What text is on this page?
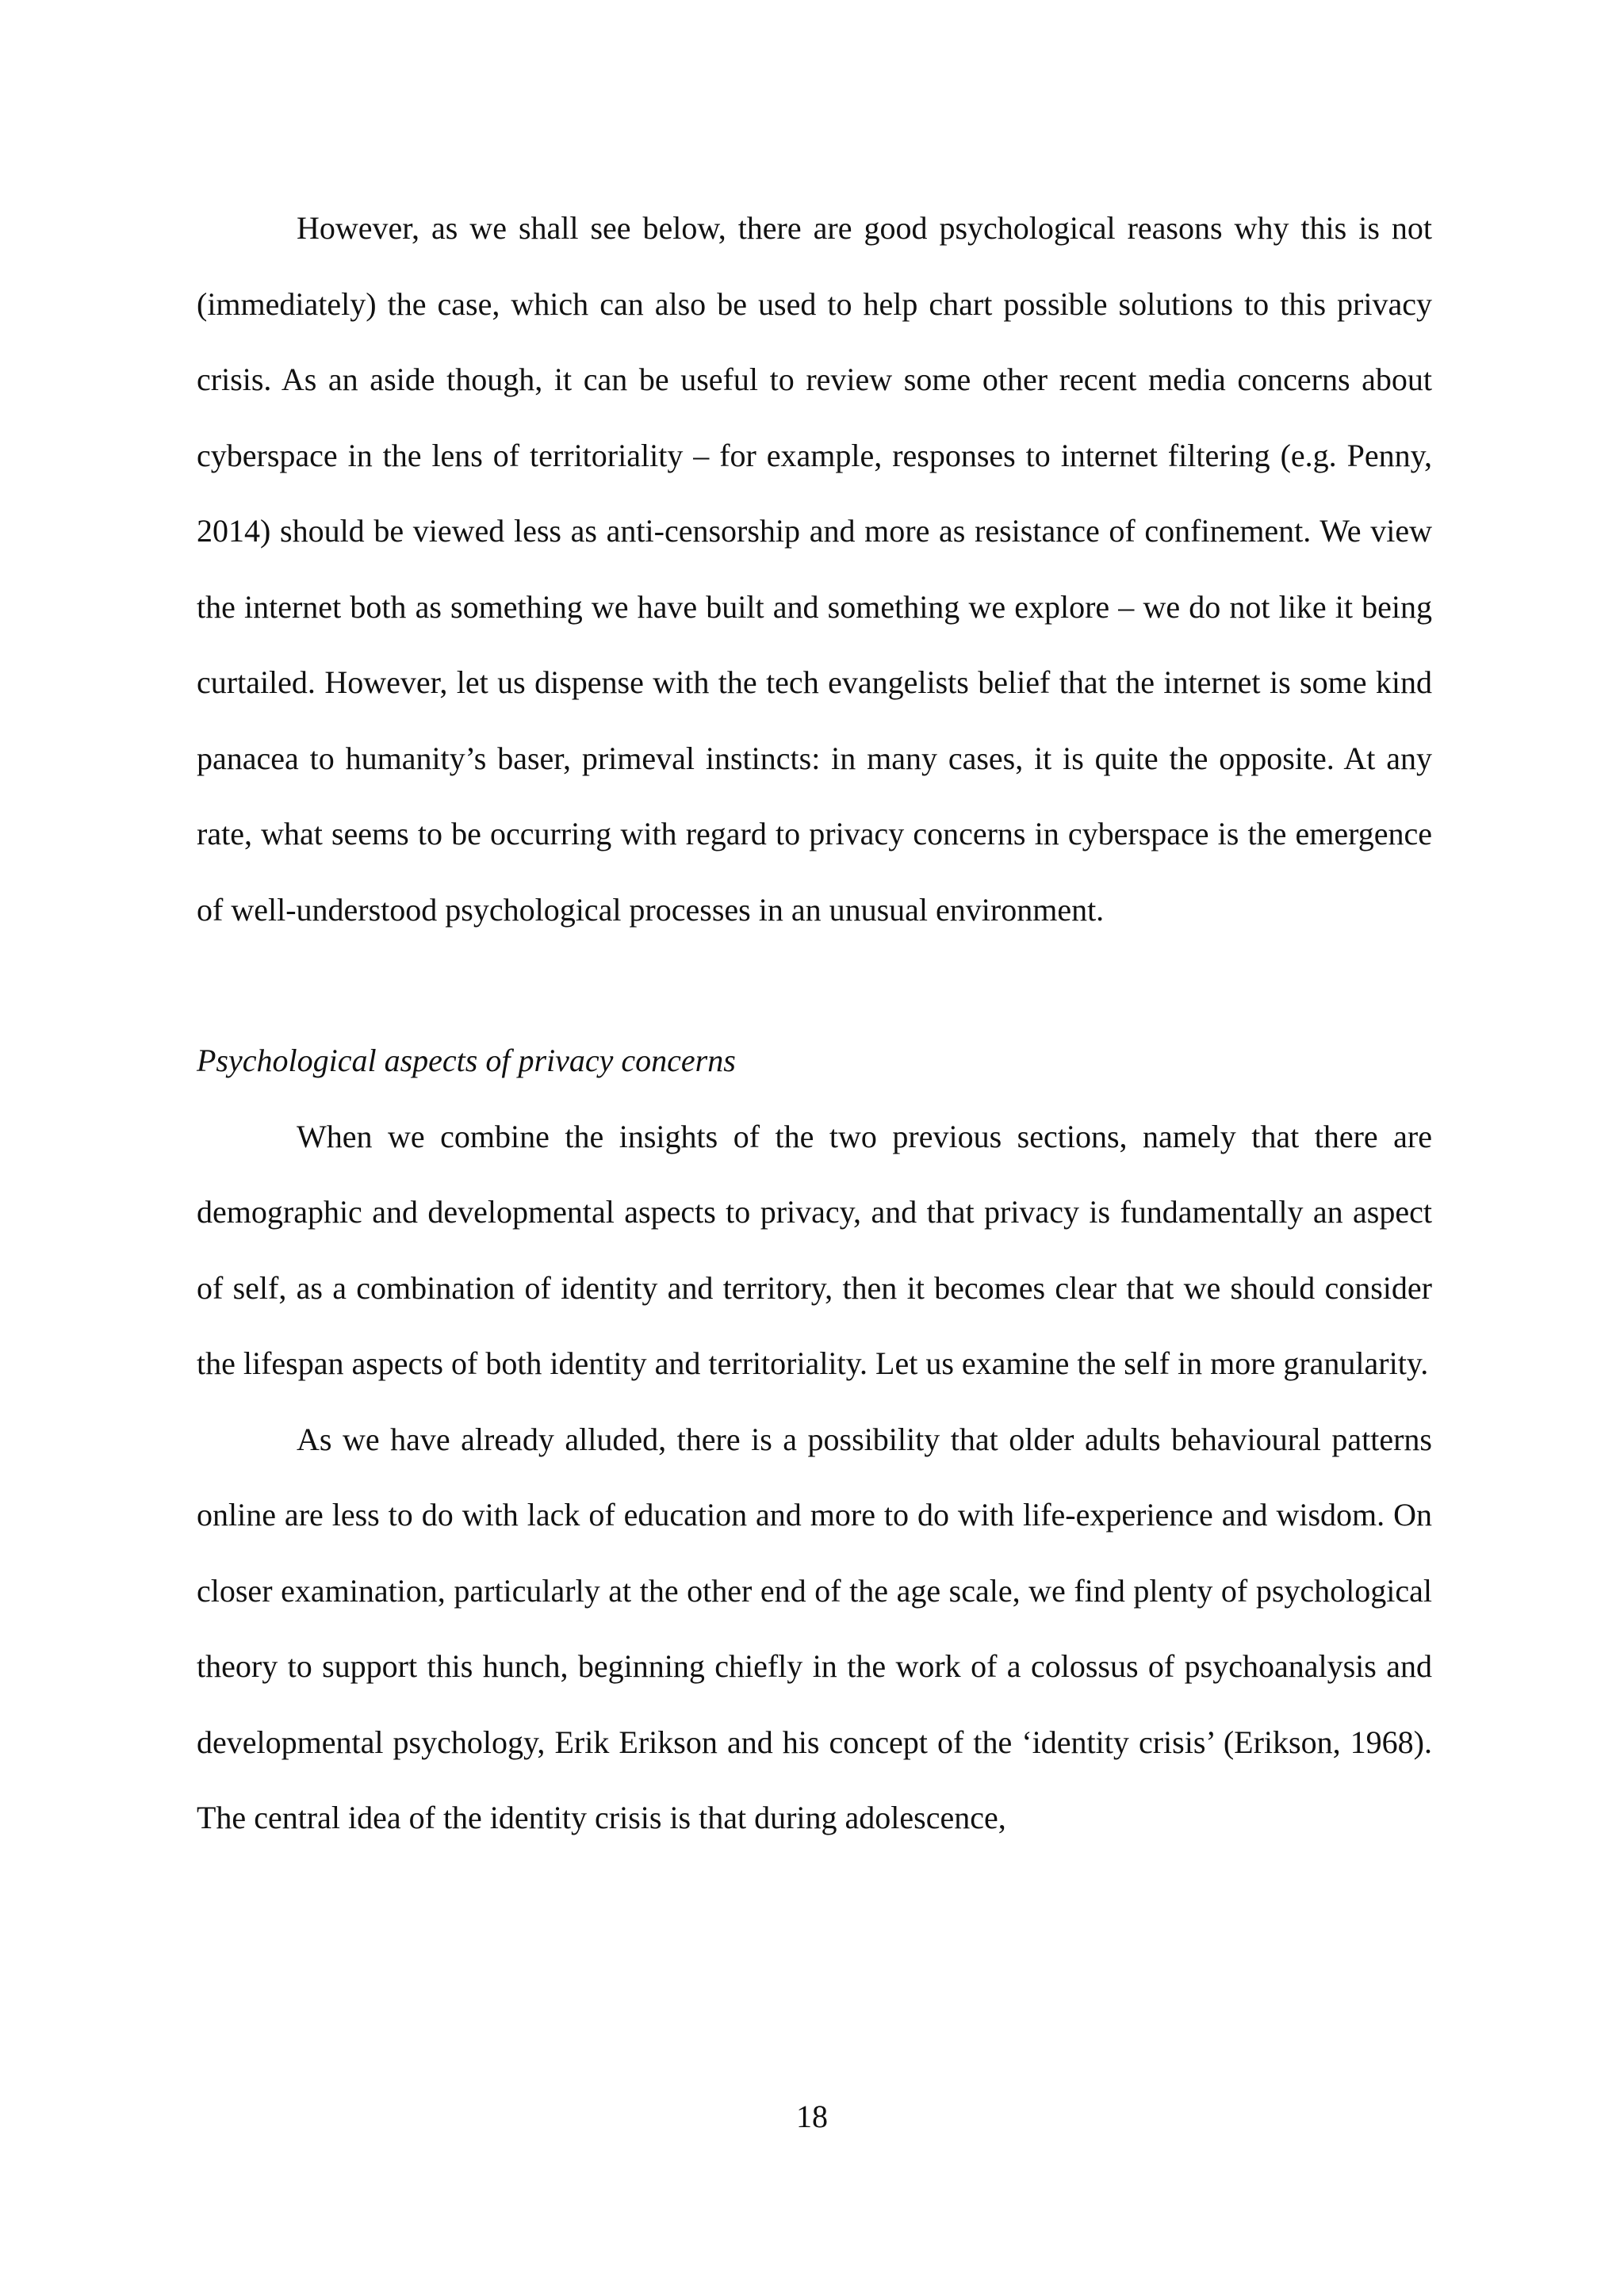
However, as we shall see below, there are good psychological reasons why this is not (immediately) the case, which can also be used to help chart possible solutions to this privacy crisis. As an aside though, it can be useful to review some other recent media concerns about cyberspace in the lens of territoriality – for example, responses to internet filtering (e.g. Penny, 2014) should be viewed less as anti-censorship and more as resistance of confinement. We view the internet both as something we have built and something we explore – we do not like it being curtailed. However, let us dispense with the tech evangelists belief that the internet is some kind panacea to humanity’s baser, primeval instincts: in many cases, it is quite the opposite. At any rate, what seems to be occurring with regard to privacy concerns in cyberspace is the emergence of well-understood psychological processes in an unusual environment.

Psychological aspects of privacy concerns

When we combine the insights of the two previous sections, namely that there are demographic and developmental aspects to privacy, and that privacy is fundamentally an aspect of self, as a combination of identity and territory, then it becomes clear that we should consider the lifespan aspects of both identity and territoriality. Let us examine the self in more granularity.

As we have already alluded, there is a possibility that older adults behavioural patterns online are less to do with lack of education and more to do with life-experience and wisdom. On closer examination, particularly at the other end of the age scale, we find plenty of psychological theory to support this hunch, beginning chiefly in the work of a colossus of psychoanalysis and developmental psychology, Erik Erikson and his concept of the ‘identity crisis’ (Erikson, 1968). The central idea of the identity crisis is that during adolescence,

18
